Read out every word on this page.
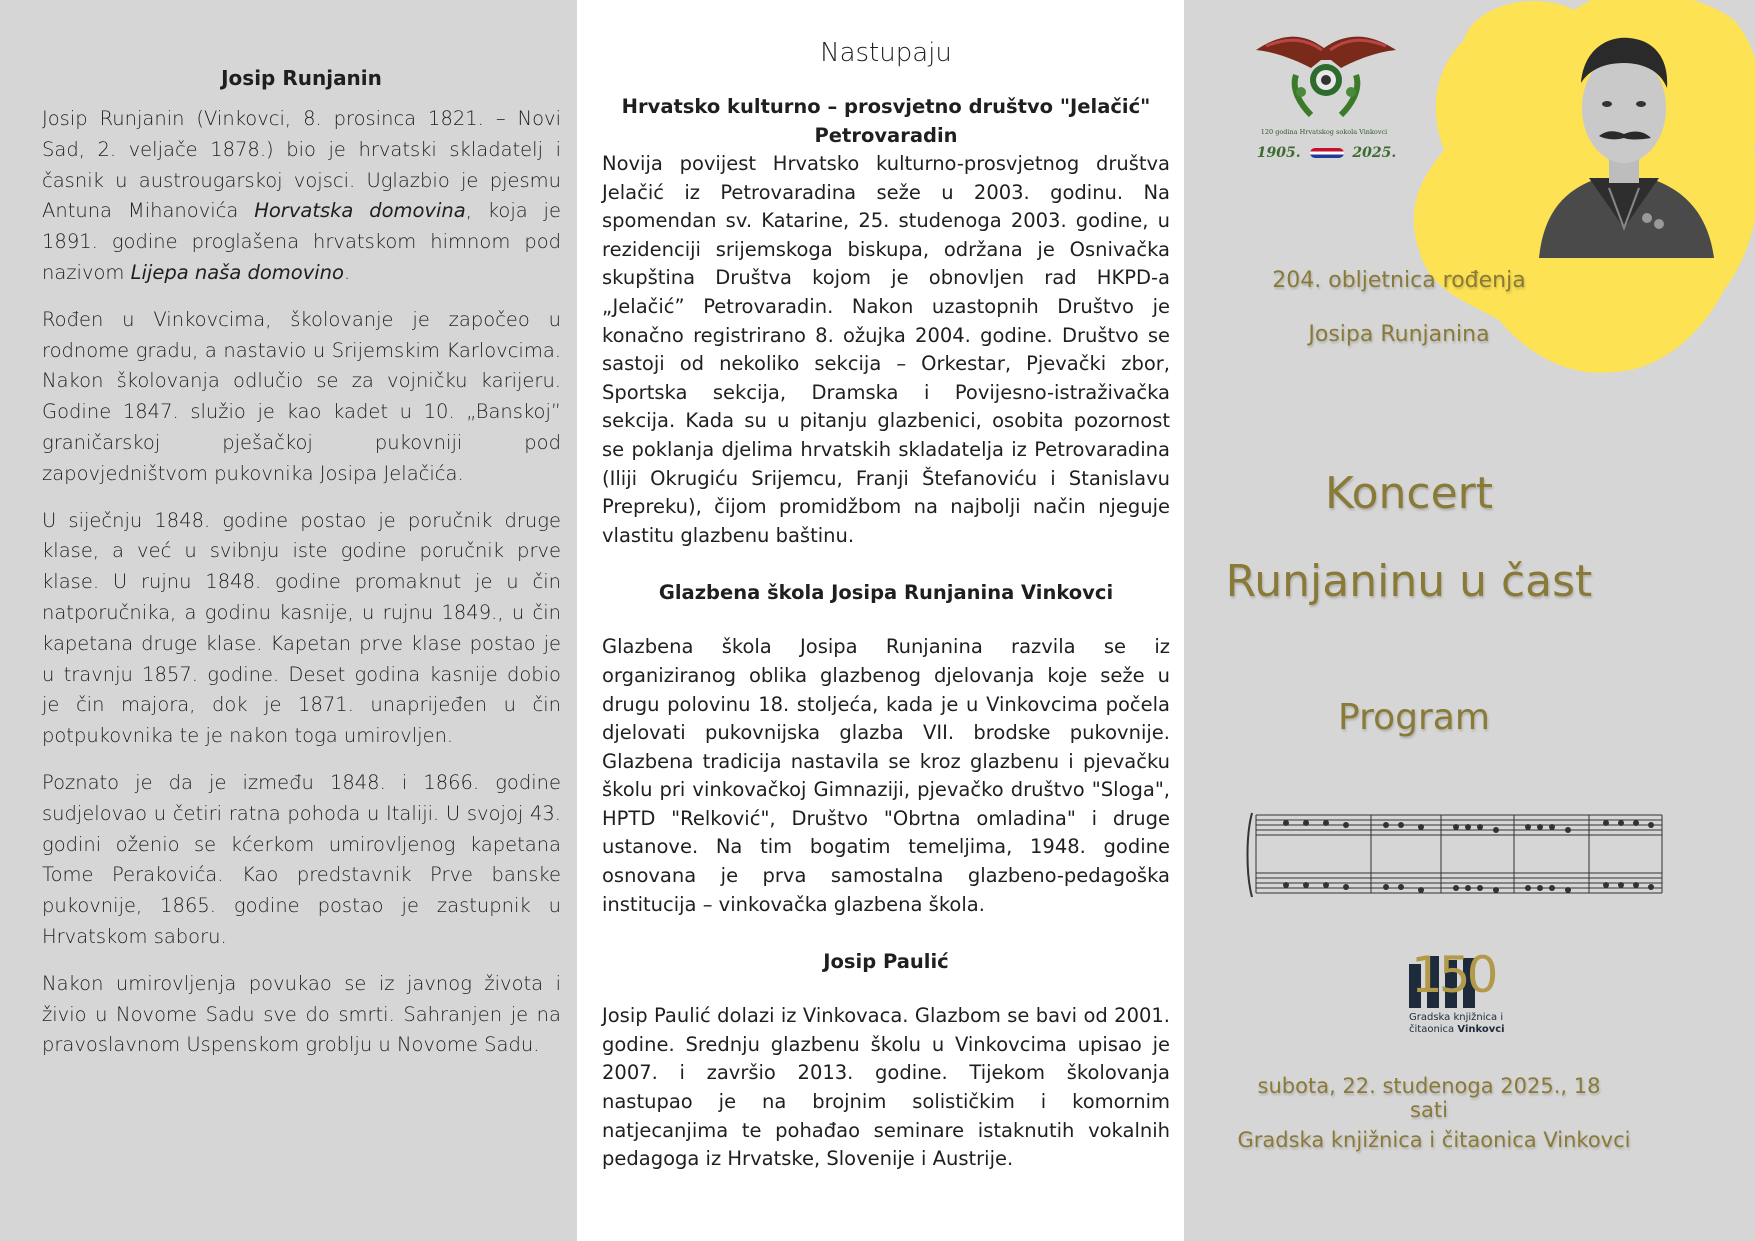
Josip Runjanin

Josip Runjanin (Vinkovci, 8. prosinca 1821. – Novi Sad, 2. veljače 1878.) bio je hrvatski skladatelj i časnik u austrougarskoj vojsci. Uglazbio je pjesmu Antuna Mihanovića Horvatska domovina, koja je 1891. godine proglašena hrvatskom himnom pod nazivom Lijepa naša domovino.

Rođen u Vinkovcima, školovanje je započeo u rodnome gradu, a nastavio u Srijemskim Karlovcima. Nakon školovanja odlučio se za vojničku karijeru. Godine 1847. služio je kao kadet u 10. „Banskoj” graničarskoj pješačkoj pukovniji pod zapovjedništvom pukovnika Josipa Jelačića.

U siječnju 1848. godine postao je poručnik druge klase, a već u svibnju iste godine poručnik prve klase. U rujnu 1848. godine promaknut je u čin natporučnika, a godinu kasnije, u rujnu 1849., u čin kapetana druge klase. Kapetan prve klase postao je u travnju 1857. godine. Deset godina kasnije dobio je čin majora, dok je 1871. unaprijeđen u čin potpukovnika te je nakon toga umirovljen.

Poznato je da je između 1848. i 1866. godine sudjelovao u četiri ratna pohoda u Italiji. U svojoj 43. godini oženio se kćerkom umirovljenog kapetana Tome Perakovića. Kao predstavnik Prve banske pukovnije, 1865. godine postao je zastupnik u Hrvatskom saboru.

Nakon umirovljenja povukao se iz javnog života i živio u Novome Sadu sve do smrti. Sahranjen je na pravoslavnom Uspenskom groblju u Novome Sadu.

Nastupaju

Hrvatsko kulturno – prosvjetno društvo "Jelačić"
Petrovaradin

Novija povijest Hrvatsko kulturno-prosvjetnog društva Jelačić iz Petrovaradina seže u 2003. godinu. Na spomendan sv. Katarine, 25. studenoga 2003. godine, u rezidenciji srijemskoga biskupa, održana je Osnivačka skupština Društva kojom je obnovljen rad HKPD-a „Jelačić” Petrovaradin. Nakon uzastopnih Društvo je konačno registrirano 8. ožujka 2004. godine. Društvo se sastoji od nekoliko sekcija – Orkestar, Pjevački zbor, Sportska sekcija, Dramska i Povijesno-istraživačka sekcija. Kada su u pitanju glazbenici, osobita pozornost se poklanja djelima hrvatskih skladatelja iz Petrovaradina (Iliji Okrugiću Srijemcu, Franji Štefanoviću i Stanislavu Prepreku), čijom promidžbom na najbolji način njeguje vlastitu glazbenu baštinu.

Glazbena škola Josipa Runjanina Vinkovci

Glazbena škola Josipa Runjanina razvila se iz organiziranog oblika glazbenog djelovanja koje seže u drugu polovinu 18. stoljeća, kada je u Vinkovcima počela djelovati pukovnijska glazba VII. brodske pukovnije. Glazbena tradicija nastavila se kroz glazbenu i pjevačku školu pri vinkovačkoj Gimnaziji, pjevačko društvo "Sloga", HPTD "Relković", Društvo "Obrtna omladina" i druge ustanove. Na tim bogatim temeljima, 1948. godine osnovana je prva samostalna glazbeno-pedagoška institucija – vinkovačka glazbena škola.

Josip Paulić

Josip Paulić dolazi iz Vinkovaca. Glazbom se bavi od 2001. godine. Srednju glazbenu školu u Vinkovcima upisao je 2007. i završio 2013. godine. Tijekom školovanja nastupao je na brojnim solističkim i komornim natjecanjima te pohađao seminare istaknutih vokalnih pedagoga iz Hrvatske, Slovenije i Austrije.

120 godina Hrvatskog sokola Vinkovci
1905.	2025.
204. obljetnica rođenja
Josipa Runjanina
Koncert
Runjaninu u čast
Program
150
Gradska knjižnica i
čitaonica Vinkovci
subota, 22. studenoga 2025., 18 sati
Gradska knjižnica i čitaonica Vinkovci
